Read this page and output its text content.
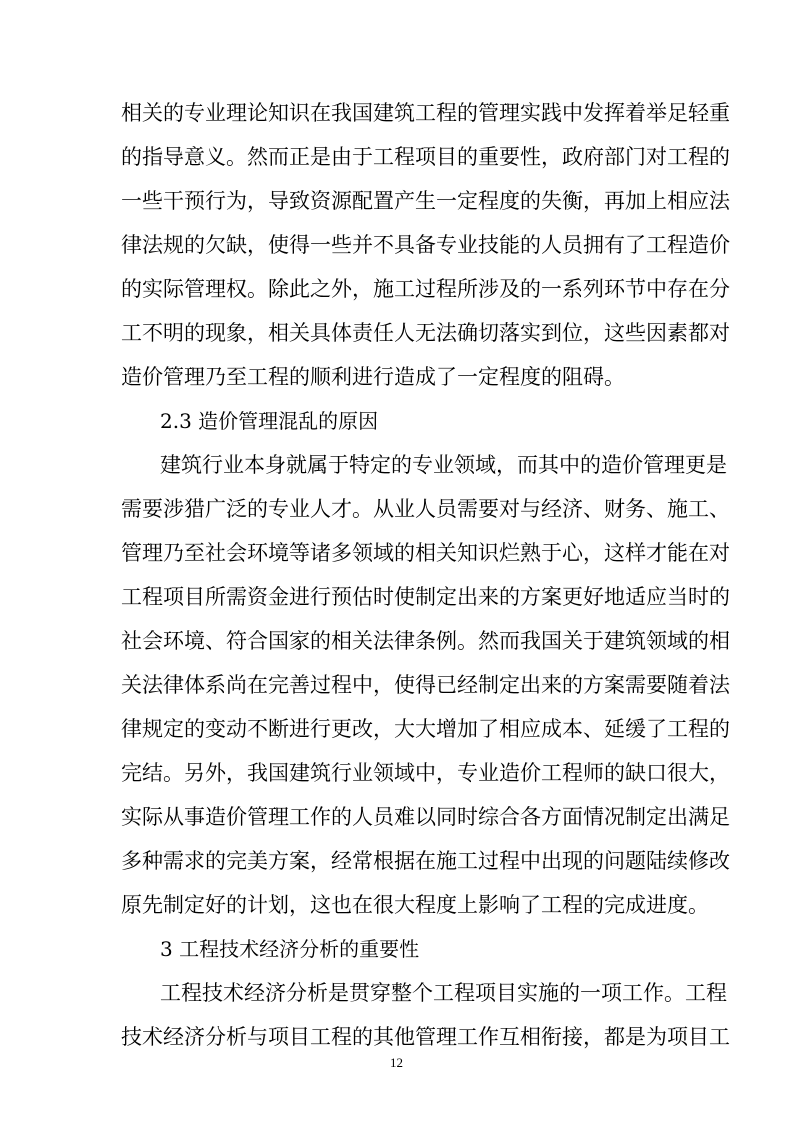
相关的专业理论知识在我国建筑工程的管理实践中发挥着举足轻重
的指导意义。然而正是由于工程项目的重要性，政府部门对工程的
一些干预行为，导致资源配置产生一定程度的失衡，再加上相应法
律法规的欠缺，使得一些并不具备专业技能的人员拥有了工程造价
的实际管理权。除此之外，施工过程所涉及的一系列环节中存在分
工不明的现象，相关具体责任人无法确切落实到位，这些因素都对
造价管理乃至工程的顺利进行造成了一定程度的阻碍。
2.3 造价管理混乱的原因
建筑行业本身就属于特定的专业领域，而其中的造价管理更是
需要涉猎广泛的专业人才。从业人员需要对与经济、财务、施工、
管理乃至社会环境等诸多领域的相关知识烂熟于心，这样才能在对
工程项目所需资金进行预估时使制定出来的方案更好地适应当时的
社会环境、符合国家的相关法律条例。然而我国关于建筑领域的相
关法律体系尚在完善过程中，使得已经制定出来的方案需要随着法
律规定的变动不断进行更改，大大增加了相应成本、延缓了工程的
完结。另外，我国建筑行业领域中，专业造价工程师的缺口很大，
实际从事造价管理工作的人员难以同时综合各方面情况制定出满足
多种需求的完美方案，经常根据在施工过程中出现的问题陆续修改
原先制定好的计划，这也在很大程度上影响了工程的完成进度。
3 工程技术经济分析的重要性
工程技术经济分析是贯穿整个工程项目实施的一项工作。工程
技术经济分析与项目工程的其他管理工作互相衔接，都是为项目工
12
